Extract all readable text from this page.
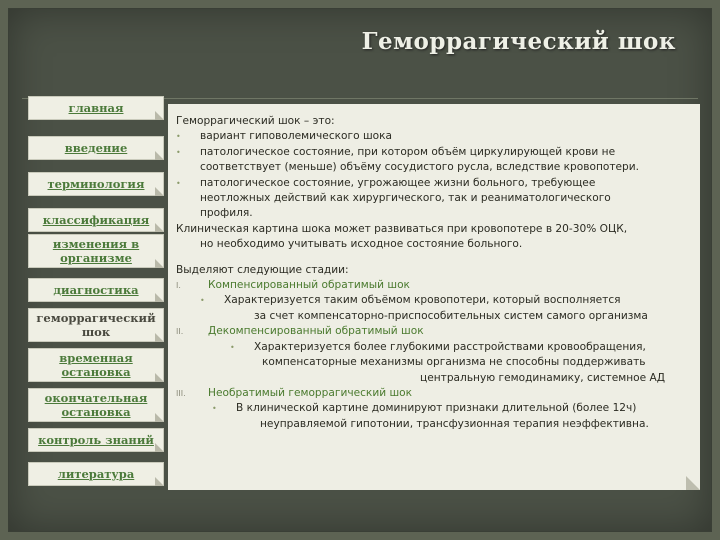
Геморрагический шок
главная
введение
терминология
классификация
изменения в организме
диагностика
геморрагический шок
временная остановка
окончательная остановка
контроль знаний
литература
Геморрагический шок – это:
• вариант гиповолемического шока
• патологическое состояние, при котором объём циркулирующей крови не
соответствует (меньше) объёму сосудистого русла, вследствие кровопотери.
• патологическое состояние, угрожающее жизни больного, требующее
неотложных действий как хирургического, так и реаниматологического
профиля.
Клиническая картина шока может развиваться при кровопотере в 20-30% ОЦК,
но необходимо учитывать исходное состояние больного.
Выделяют следующие стадии:
I.	Компенсированный обратимый шок
• Характеризуется таким объёмом кровопотери, который восполняется
за счет компенсаторно-приспособительных систем самого организма
II. Декомпенсированный обратимый шок
• Характеризуется более глубокими расстройствами кровообращения,
компенсаторные механизмы организма не способны поддерживать
центральную гемодинамику, системное АД
III. Необратимый геморрагический шок
• В клинической картине доминируют признаки длительной (более 12ч)
неуправляемой гипотонии, трансфузионная терапия неэффективна.
